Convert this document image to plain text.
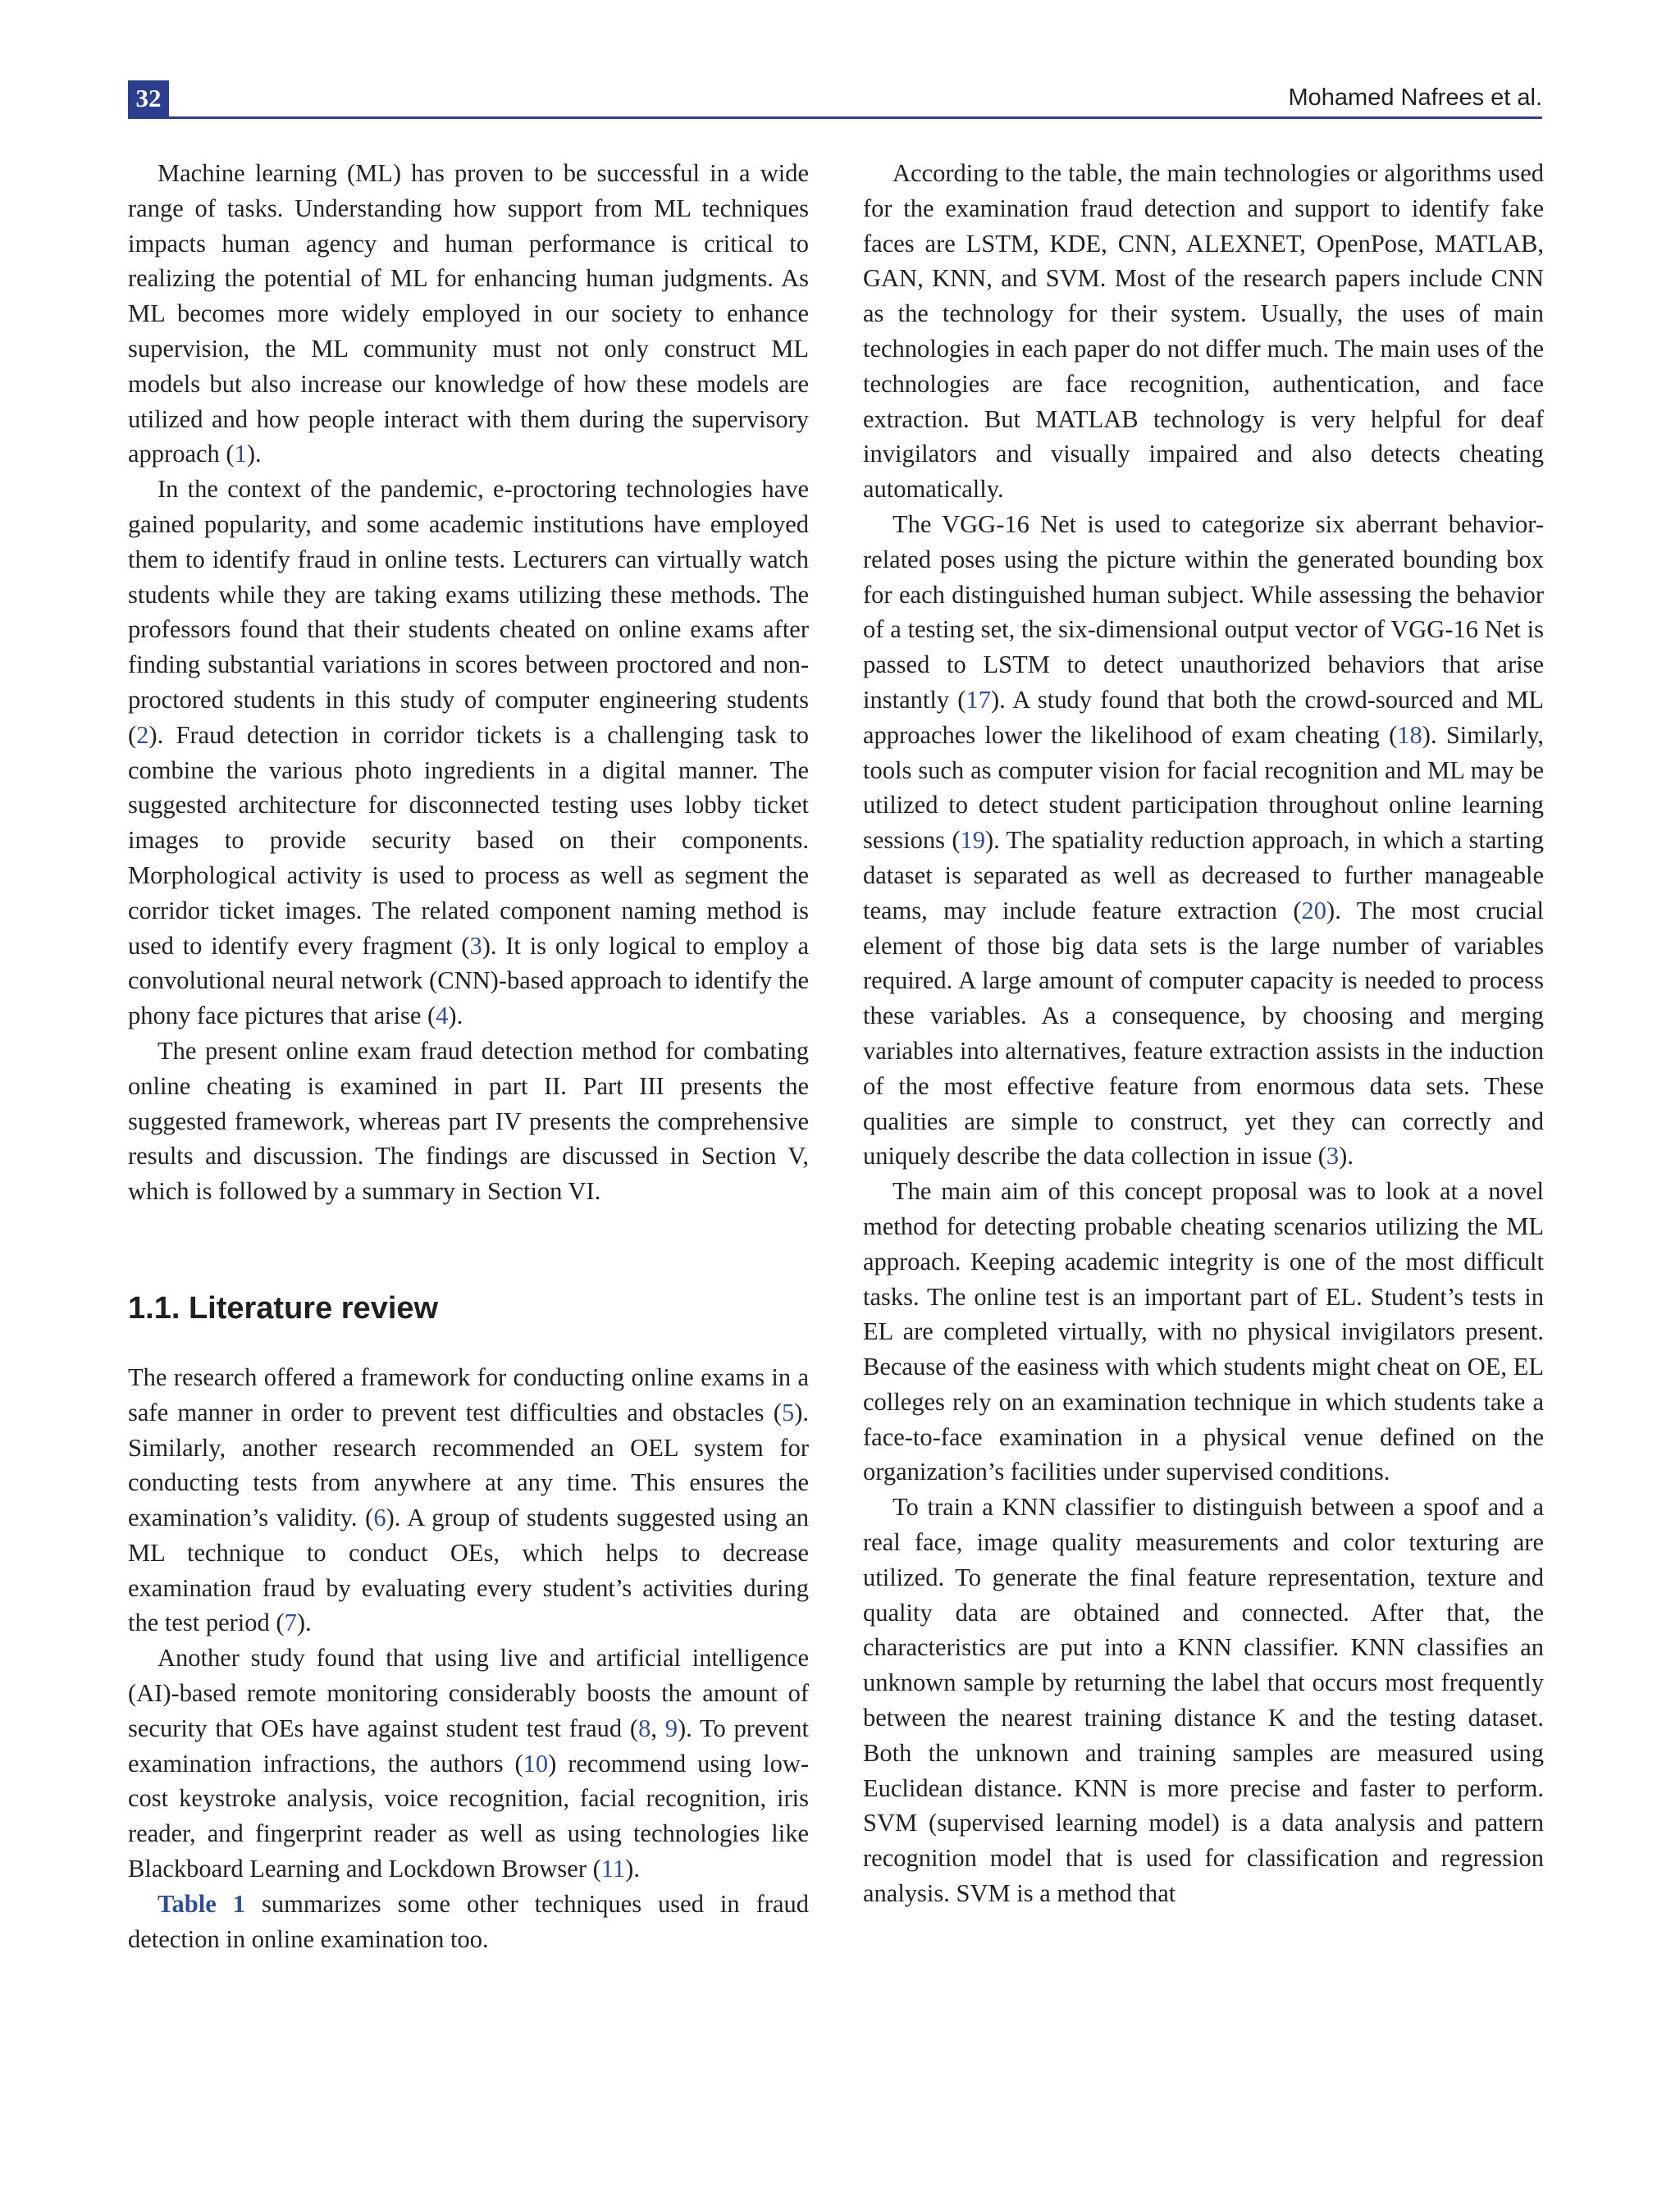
32	Mohamed Nafrees et al.

Machine learning (ML) has proven to be successful in a wide range of tasks. Understanding how support from ML techniques impacts human agency and human performance is critical to realizing the potential of ML for enhancing human judgments. As ML becomes more widely employed in our society to enhance supervision, the ML community must not only construct ML models but also increase our knowledge of how these models are utilized and how people interact with them during the supervisory approach (1).

In the context of the pandemic, e-proctoring technologies have gained popularity, and some academic institutions have employed them to identify fraud in online tests. Lecturers can virtually watch students while they are taking exams utilizing these methods. The professors found that their students cheated on online exams after finding substantial variations in scores between proctored and non-proctored students in this study of computer engineering students (2). Fraud detection in corridor tickets is a challenging task to combine the various photo ingredients in a digital manner. The suggested architecture for disconnected testing uses lobby ticket images to provide security based on their components. Morphological activity is used to process as well as segment the corridor ticket images. The related component naming method is used to identify every fragment (3). It is only logical to employ a convolutional neural network (CNN)-based approach to identify the phony face pictures that arise (4).

The present online exam fraud detection method for combating online cheating is examined in part II. Part III presents the suggested framework, whereas part IV presents the comprehensive results and discussion. The findings are discussed in Section V, which is followed by a summary in Section VI.

1.1. Literature review

The research offered a framework for conducting online exams in a safe manner in order to prevent test difficulties and obstacles (5). Similarly, another research recommended an OEL system for conducting tests from anywhere at any time. This ensures the examination’s validity. (6). A group of students suggested using an ML technique to conduct OEs, which helps to decrease examination fraud by evaluating every student’s activities during the test period (7).

Another study found that using live and artificial intelligence (AI)-based remote monitoring considerably boosts the amount of security that OEs have against student test fraud (8, 9). To prevent examination infractions, the authors (10) recommend using low-cost keystroke analysis, voice recognition, facial recognition, iris reader, and fingerprint reader as well as using technologies like Blackboard Learning and Lockdown Browser (11).

Table 1 summarizes some other techniques used in fraud detection in online examination too.

According to the table, the main technologies or algorithms used for the examination fraud detection and support to identify fake faces are LSTM, KDE, CNN, ALEXNET, OpenPose, MATLAB, GAN, KNN, and SVM. Most of the research papers include CNN as the technology for their system. Usually, the uses of main technologies in each paper do not differ much. The main uses of the technologies are face recognition, authentication, and face extraction. But MATLAB technology is very helpful for deaf invigilators and visually impaired and also detects cheating automatically.

The VGG-16 Net is used to categorize six aberrant behavior-related poses using the picture within the generated bounding box for each distinguished human subject. While assessing the behavior of a testing set, the six-dimensional output vector of VGG-16 Net is passed to LSTM to detect unauthorized behaviors that arise instantly (17). A study found that both the crowd-sourced and ML approaches lower the likelihood of exam cheating (18). Similarly, tools such as computer vision for facial recognition and ML may be utilized to detect student participation throughout online learning sessions (19). The spatiality reduction approach, in which a starting dataset is separated as well as decreased to further manageable teams, may include feature extraction (20). The most crucial element of those big data sets is the large number of variables required. A large amount of computer capacity is needed to process these variables. As a consequence, by choosing and merging variables into alternatives, feature extraction assists in the induction of the most effective feature from enormous data sets. These qualities are simple to construct, yet they can correctly and uniquely describe the data collection in issue (3).

The main aim of this concept proposal was to look at a novel method for detecting probable cheating scenarios utilizing the ML approach. Keeping academic integrity is one of the most difficult tasks. The online test is an important part of EL. Student’s tests in EL are completed virtually, with no physical invigilators present. Because of the easiness with which students might cheat on OE, EL colleges rely on an examination technique in which students take a face-to-face examination in a physical venue defined on the organization’s facilities under supervised conditions.

To train a KNN classifier to distinguish between a spoof and a real face, image quality measurements and color texturing are utilized. To generate the final feature representation, texture and quality data are obtained and connected. After that, the characteristics are put into a KNN classifier. KNN classifies an unknown sample by returning the label that occurs most frequently between the nearest training distance K and the testing dataset. Both the unknown and training samples are measured using Euclidean distance. KNN is more precise and faster to perform. SVM (supervised learning model) is a data analysis and pattern recognition model that is used for classification and regression analysis. SVM is a method that
